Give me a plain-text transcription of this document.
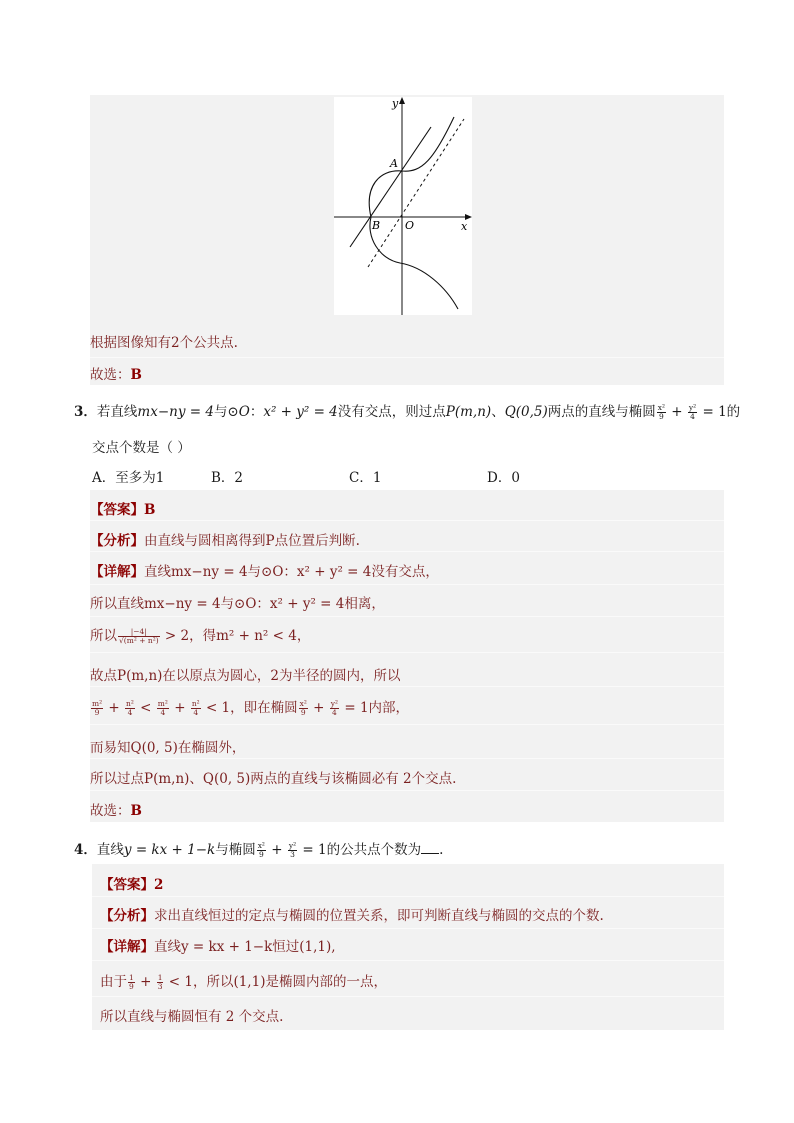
根据图像知有2个公共点.
故选：B
y
x
A
B O
3．若直线mx−ny = 4与⊙O：x² + y² = 4没有交点，则过点P(m,n)、Q(0,5)两点的直线与椭圆 $\frac{\text{x²}}{9} + \frac{\text{y²}}{4} = 1$的
交点个数是（ ）
A．至多为1	B．2	C．1	D．0
【答案】B
【分析】由直线与圆相离得到P点位置后判断.
【详解】直线mx−ny = 4与⊙O：x² + y² = 4没有交点，
所以直线mx−ny = 4与⊙O：x² + y² = 4相离，
所以 $\frac{|-4|}{\text{√(m² + n²)}} > 2$，得m² + n² < 4，
故点P(m,n)在以原点为圆心，2为半径的圆内，所以
$\frac{\text{m²}}{9} + \frac{\text{n²}}{4} < \frac{\text{m²}}{4} + \frac{\text{n²}}{4} < 1$，即在椭圆 $\frac{\text{x²}}{9} + \frac{\text{y²}}{4} = 1$内部，
而易知Q(0, 5)在椭圆外，
所以过点P(m,n)、Q(0, 5)两点的直线与该椭圆必有 2个交点.
故选：B
4．直线y = kx + 1−k与椭圆 $\frac{\text{x²}}{9} + \frac{\text{y²}}{3} = 1$的公共点个数为 .
【答案】2
【分析】求出直线恒过的定点与椭圆的位置关系，即可判断直线与椭圆的交点的个数.
【详解】直线y = kx + 1−k恒过(1,1),
由于 $\frac{1}{9} + \frac{1}{3} < 1$，所以(1,1)是椭圆内部的一点，
所以直线与椭圆恒有 2 个交点.
